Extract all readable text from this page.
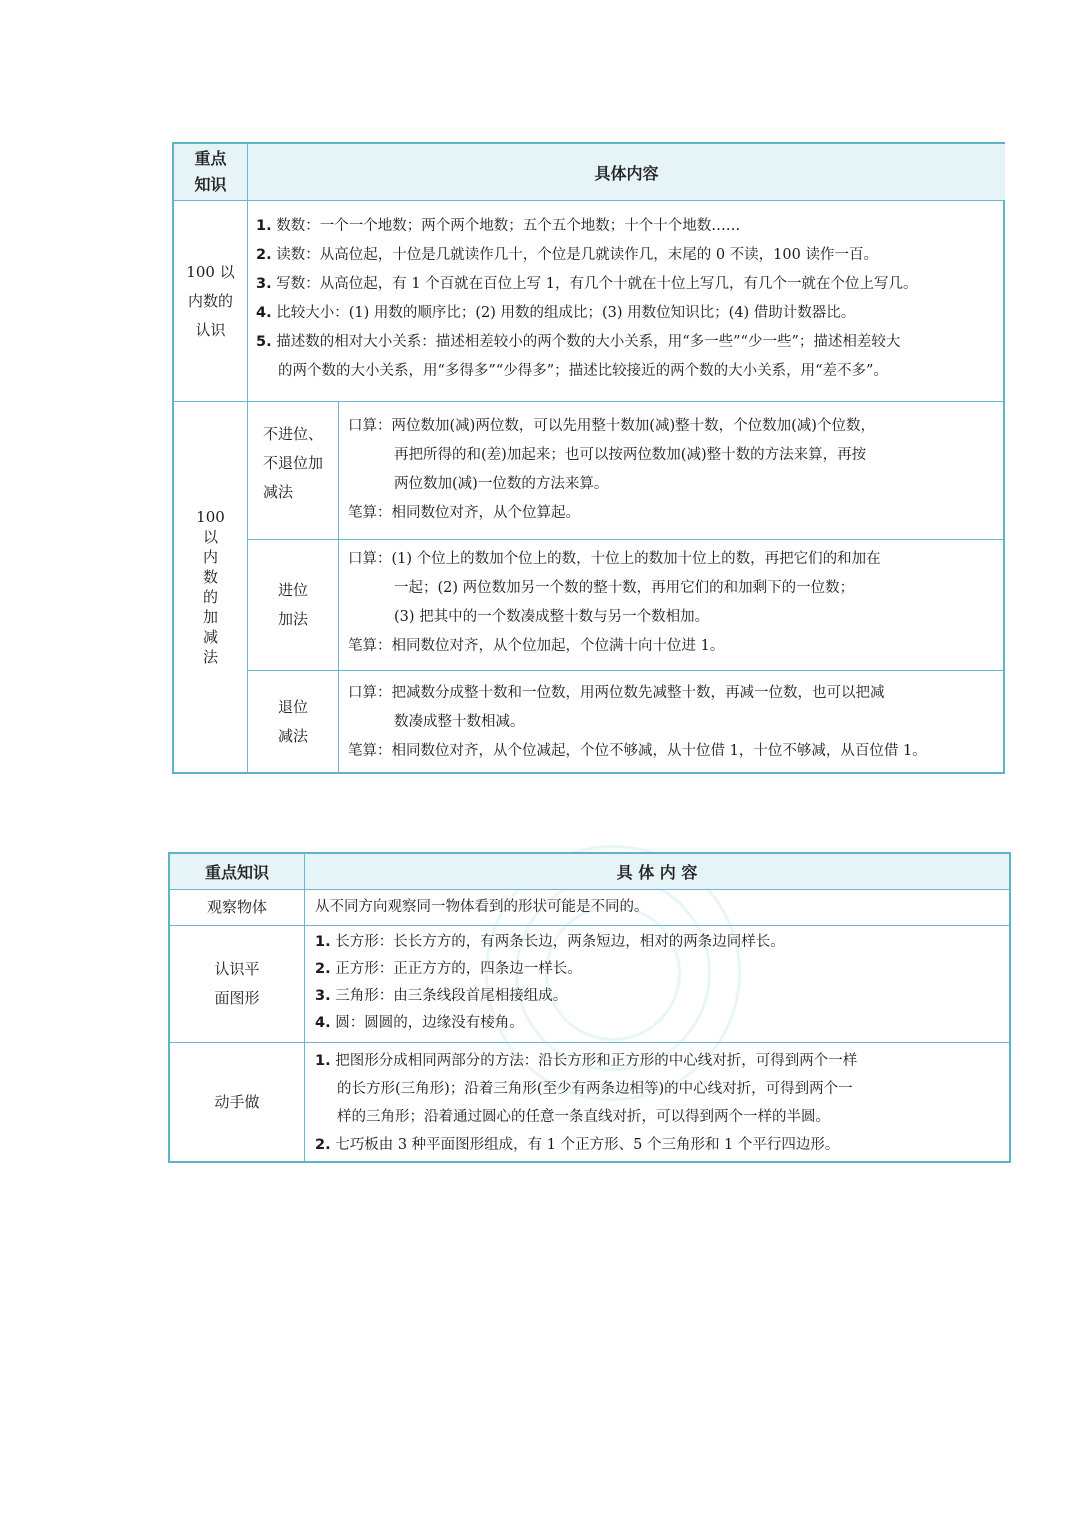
重点
知识
具体内容
100 以
内数的
认识
1. 数数：一个一个地数；两个两个地数；五个五个地数；十个十个地数……
2. 读数：从高位起，十位是几就读作几十，个位是几就读作几，末尾的 0 不读，100 读作一百。
3. 写数：从高位起，有 1 个百就在百位上写 1，有几个十就在十位上写几，有几个一就在个位上写几。
4. 比较大小：(1) 用数的顺序比；(2) 用数的组成比；(3) 用数位知识比；(4) 借助计数器比。
5. 描述数的相对大小关系：描述相差较小的两个数的大小关系，用“多一些”“少一些”；描述相差较大
的两个数的大小关系，用“多得多”“少得多”；描述比较接近的两个数的大小关系，用“差不多”。
100
以
内
数
的
加
减
法
不进位、
不退位加
减法
口算：两位数加(减)两位数，可以先用整十数加(减)整十数，个位数加(减)个位数，
再把所得的和(差)加起来；也可以按两位数加(减)整十数的方法来算，再按
两位数加(减)一位数的方法来算。
笔算：相同数位对齐，从个位算起。
进位
加法
口算：(1) 个位上的数加个位上的数，十位上的数加十位上的数，再把它们的和加在
一起；(2) 两位数加另一个数的整十数，再用它们的和加剩下的一位数；
(3) 把其中的一个数凑成整十数与另一个数相加。
笔算：相同数位对齐，从个位加起，个位满十向十位进 1。
退位
减法
口算：把减数分成整十数和一位数，用两位数先减整十数，再减一位数，也可以把减
数凑成整十数相减。
笔算：相同数位对齐，从个位减起，个位不够减，从十位借 1，十位不够减，从百位借 1。
重点知识	具 体 内 容
观察物体	从不同方向观察同一物体看到的形状可能是不同的。
认识平
面图形
1. 长方形：长长方方的，有两条长边，两条短边，相对的两条边同样长。
2. 正方形：正正方方的，四条边一样长。
3. 三角形：由三条线段首尾相接组成。
4. 圆：圆圆的，边缘没有棱角。
动手做
1. 把图形分成相同两部分的方法：沿长方形和正方形的中心线对折，可得到两个一样
的长方形(三角形)；沿着三角形(至少有两条边相等)的中心线对折，可得到两个一
样的三角形；沿着通过圆心的任意一条直线对折，可以得到两个一样的半圆。
2. 七巧板由 3 种平面图形组成，有 1 个正方形、5 个三角形和 1 个平行四边形。
